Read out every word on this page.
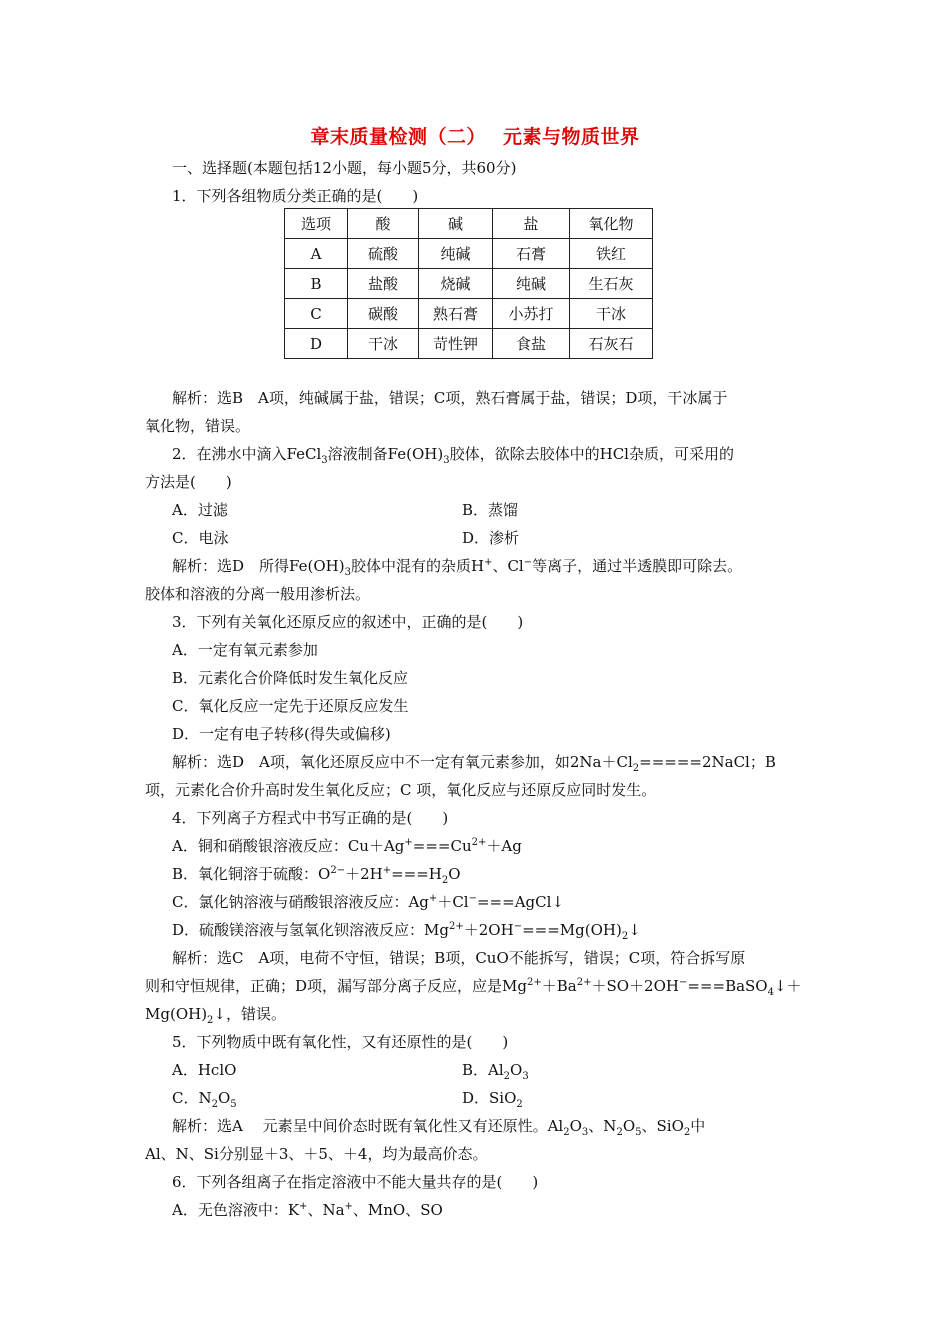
章末质量检测（二）　 元素与物质世界
一、选择题(本题包括12小题，每小题5分，共60分)
1．下列各组物质分类正确的是(　　)
选项	酸	碱	盐	氧化物
A	硫酸	纯碱	石膏	铁红
B	盐酸	烧碱	纯碱	生石灰
C	碳酸	熟石膏	小苏打	干冰
D	干冰	苛性钾	食盐	石灰石
解析：选B　A项，纯碱属于盐，错误；C项，熟石膏属于盐，错误；D项，干冰属于
氧化物，错误。
2．在沸水中滴入FeCl$_3$溶液制备$Fe(OH)_3$胶体，欲除去胶体中的HCl杂质，可采用的
方法是(　　)
A．过滤	B．蒸馏
C．电泳	D．渗析
解析：选D　所得$Fe(OH)_3$胶体中混有的杂质H+、Cl−等离子，通过半透膜即可除去。
胶体和溶液的分离一般用渗析法。
3．下列有关氧化还原反应的叙述中，正确的是(　　)
A．一定有氧元素参加
B．元素化合价降低时发生氧化反应
C．氧化反应一定先于还原反应发生
D．一定有电子转移(得失或偏移)
解析：选D　A项，氧化还原反应中不一定有氧元素参加，如$2Na+Cl_2=====2NaCl$；B
项，元素化合价升高时发生氧化反应；C 项，氧化反应与还原反应同时发生。
4．下列离子方程式中书写正确的是(　　)
A．铜和硝酸银溶液反应：$Cu+Ag^+===Cu^{2+}+Ag$
B．氧化铜溶于硫酸：$O^{2-}+2H^+===H_2O$
C．氯化钠溶液与硝酸银溶液反应：Ag+＋Cl−===AgCl↓
D．硫酸镁溶液与氢氧化钡溶液反应：$Mg^{2+}+2OH^-===Mg(OH)_2↓$
解析：选C　A项，电荷不守恒，错误；B项，CuO不能拆写，错误；C项，符合拆写原
则和守恒规律，正确；D项，漏写部分离子反应，应是$Mg^{2+}+Ba^{2+}+SO+2OH^-===BaSO_4↓+$
$Mg(OH)_2↓$，错误。
5．下列物质中既有氧化性，又有还原性的是(　　)
A．HclO	B．$Al_2O_3$
C．$N_2O_5$	D．SiO$_2$
解析：选A　 元素呈中间价态时既有氧化性又有还原性。$Al_2O_3$、$N_2O_5$、SiO$_2$中
Al、N、Si分别显＋3、＋5、＋4，均为最高价态。
6．下列各组离子在指定溶液中不能大量共存的是(　　)
A．无色溶液中：K+、Na+、MnO、SO
